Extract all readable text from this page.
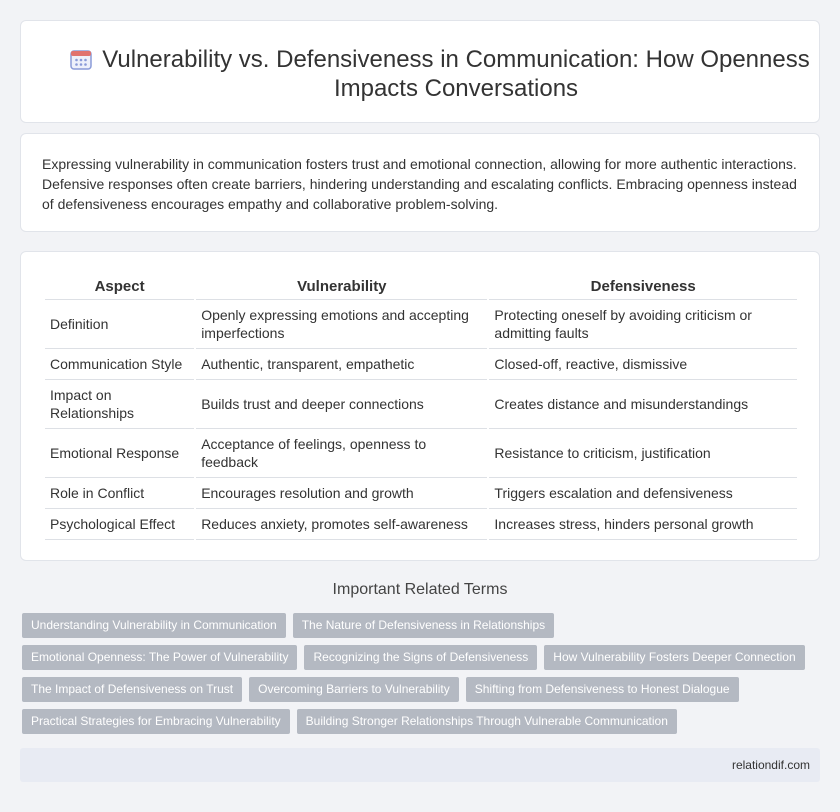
Vulnerability vs. Defensiveness in Communication: How Openness Impacts Conversations

Expressing vulnerability in communication fosters trust and emotional connection, allowing for more authentic interactions. Defensive responses often create barriers, hindering understanding and escalating conflicts. Embracing openness instead of defensiveness encourages empathy and collaborative problem-solving.

Aspect	Vulnerability	Defensiveness
Definition	Openly expressing emotions and accepting imperfections	Protecting oneself by avoiding criticism or admitting faults
Communication Style	Authentic, transparent, empathetic	Closed-off, reactive, dismissive
Impact on Relationships	Builds trust and deeper connections	Creates distance and misunderstandings
Emotional Response	Acceptance of feelings, openness to feedback	Resistance to criticism, justification
Role in Conflict	Encourages resolution and growth	Triggers escalation and defensiveness
Psychological Effect	Reduces anxiety, promotes self-awareness	Increases stress, hinders personal growth
Important Related Terms
Understanding Vulnerability in Communication	The Nature of Defensiveness in Relationships
Emotional Openness: The Power of Vulnerability	Recognizing the Signs of Defensiveness	How Vulnerability Fosters Deeper Connection
The Impact of Defensiveness on Trust	Overcoming Barriers to Vulnerability	Shifting from Defensiveness to Honest Dialogue
Practical Strategies for Embracing Vulnerability	Building Stronger Relationships Through Vulnerable Communication
relationdif.com
